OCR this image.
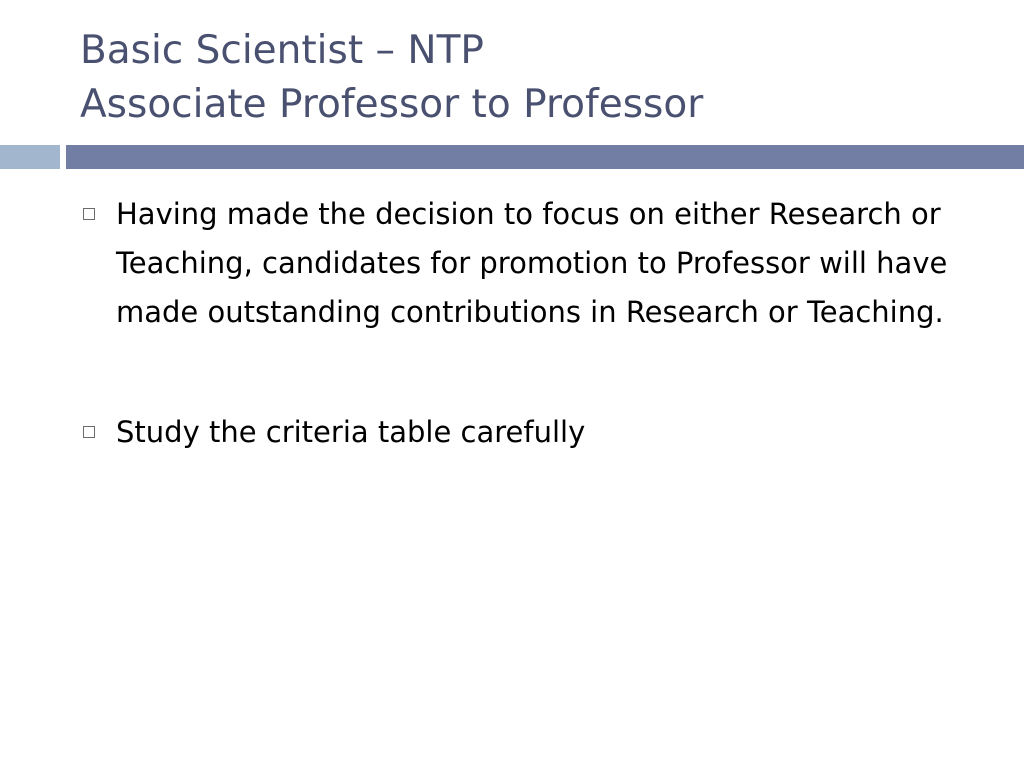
Basic Scientist – NTP
Associate Professor to Professor
Having made the decision to focus on either Research or Teaching, candidates for promotion to Professor will have made outstanding contributions in Research or Teaching.
Study the criteria table carefully
